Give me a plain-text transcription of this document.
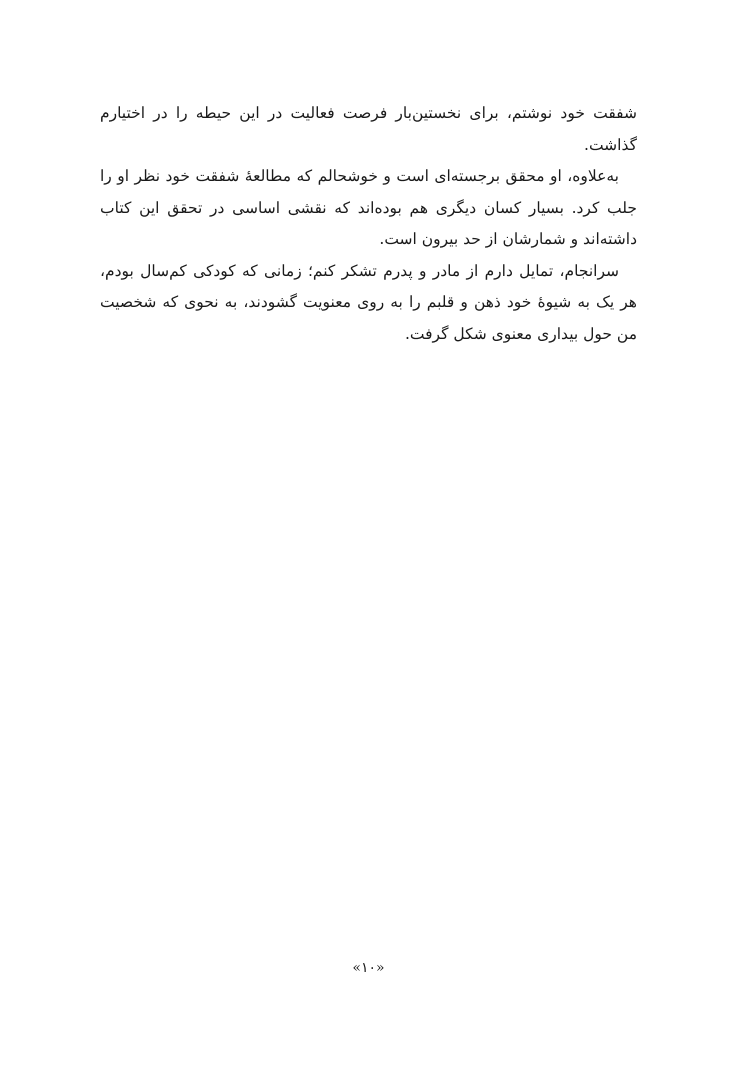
شفقت خود نوشتم، برای نخستین‌بار فرصت فعالیت در این حیطه را در اختیارم گذاشت.

به‌علاوه، او محقق برجسته‌ای است و خوشحالم که مطالعهٔ شفقت خود نظر او را جلب کرد. بسیار کسان دیگری هم بوده‌اند که نقشی اساسی در تحقق این کتاب داشته‌اند و شمارشان از حد بیرون است.

سرانجام، تمایل دارم از مادر و پدرم تشکر کنم؛ زمانی که کودکی کم‌سال بودم، هر یک به شیوهٔ خود ذهن و قلبم را به روی معنویت گشودند، به نحوی که شخصیت من حول بیداری معنوی شکل گرفت.

«۱۰»
